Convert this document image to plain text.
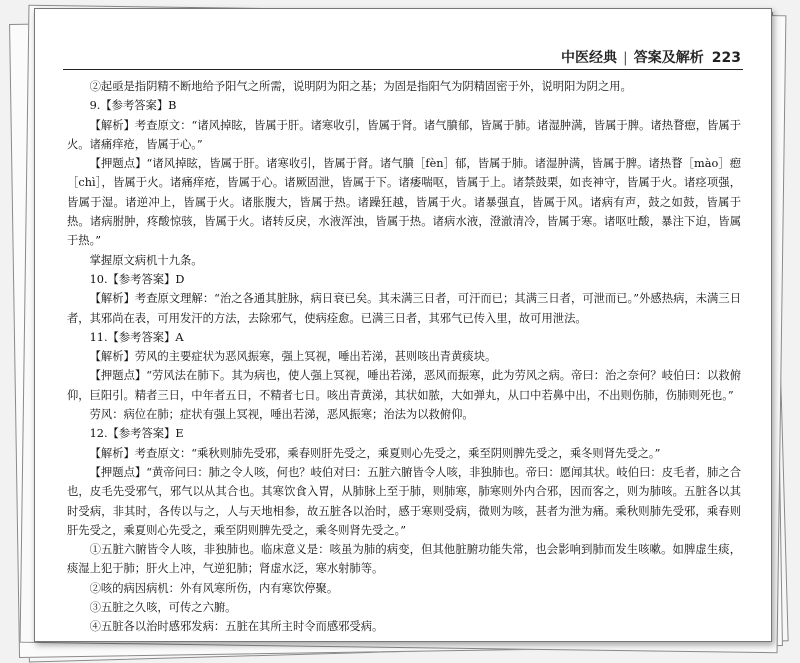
中医经典 | 答案及解析 223

②起亟是指阴精不断地给予阳气之所需，说明阴为阳之基；为固是指阳气为阴精固密于外，说明阳为阴之用。

9.【参考答案】B

【解析】考查原文：“诸风掉眩，皆属于肝。诸寒收引，皆属于肾。诸气膹郁，皆属于肺。诸湿肿满，皆属于脾。诸热瞀瘛，皆属于火。诸痛痒疮，皆属于心。”

【押题点】“诸风掉眩，皆属于肝。诸寒收引，皆属于肾。诸气膹［fèn］郁，皆属于肺。诸湿肿满，皆属于脾。诸热瞀［mào］瘛［chì］，皆属于火。诸痛痒疮，皆属于心。诸厥固泄，皆属于下。诸痿喘呕，皆属于上。诸禁鼓栗，如丧神守，皆属于火。诸痉项强，皆属于湿。诸逆冲上，皆属于火。诸胀腹大，皆属于热。诸躁狂越，皆属于火。诸暴强直，皆属于风。诸病有声，鼓之如鼓，皆属于热。诸病胕肿，疼酸惊骇，皆属于火。诸转反戾，水液浑浊，皆属于热。诸病水液，澄澈清冷，皆属于寒。诸呕吐酸，暴注下迫，皆属于热。”

掌握原文病机十九条。

10.【参考答案】D

【解析】考查原文理解：“治之各通其脏脉，病日衰已矣。其未满三日者，可汗而已；其满三日者，可泄而已。”外感热病，未满三日者，其邪尚在表，可用发汗的方法，去除邪气，使病痊愈。已满三日者，其邪气已传入里，故可用泄法。

11.【参考答案】A

【解析】劳风的主要症状为恶风振寒，强上冥视，唾出若涕，甚则咳出青黄痰块。

【押题点】“劳风法在肺下。其为病也，使人强上冥视，唾出若涕，恶风而振寒，此为劳风之病。帝曰：治之奈何？岐伯曰：以救俯仰，巨阳引。精者三日，中年者五日，不精者七日。咳出青黄涕，其状如脓，大如弹丸，从口中若鼻中出，不出则伤肺，伤肺则死也。”

劳风：病位在肺；症状有强上冥视，唾出若涕，恶风振寒；治法为以救俯仰。

12.【参考答案】E

【解析】考查原文：“乘秋则肺先受邪，乘春则肝先受之，乘夏则心先受之，乘至阴则脾先受之，乘冬则肾先受之。”

【押题点】“黄帝问曰：肺之令人咳，何也？岐伯对曰：五脏六腑皆令人咳，非独肺也。帝曰：愿闻其状。岐伯曰：皮毛者，肺之合也，皮毛先受邪气，邪气以从其合也。其寒饮食入胃，从肺脉上至于肺，则肺寒，肺寒则外内合邪，因而客之，则为肺咳。五脏各以其时受病，非其时，各传以与之，人与天地相参，故五脏各以治时，感于寒则受病，微则为咳，甚者为泄为痛。乘秋则肺先受邪，乘春则肝先受之，乘夏则心先受之，乘至阴则脾先受之，乘冬则肾先受之。”

①五脏六腑皆令人咳，非独肺也。临床意义是：咳虽为肺的病变，但其他脏腑功能失常，也会影响到肺而发生咳嗽。如脾虚生痰，痰湿上犯于肺；肝火上冲，气逆犯肺；肾虚水泛，寒水射肺等。

②咳的病因病机：外有风寒所伤，内有寒饮停聚。

③五脏之久咳，可传之六腑。

④五脏各以治时感邪发病：五脏在其所主时令而感邪受病。
